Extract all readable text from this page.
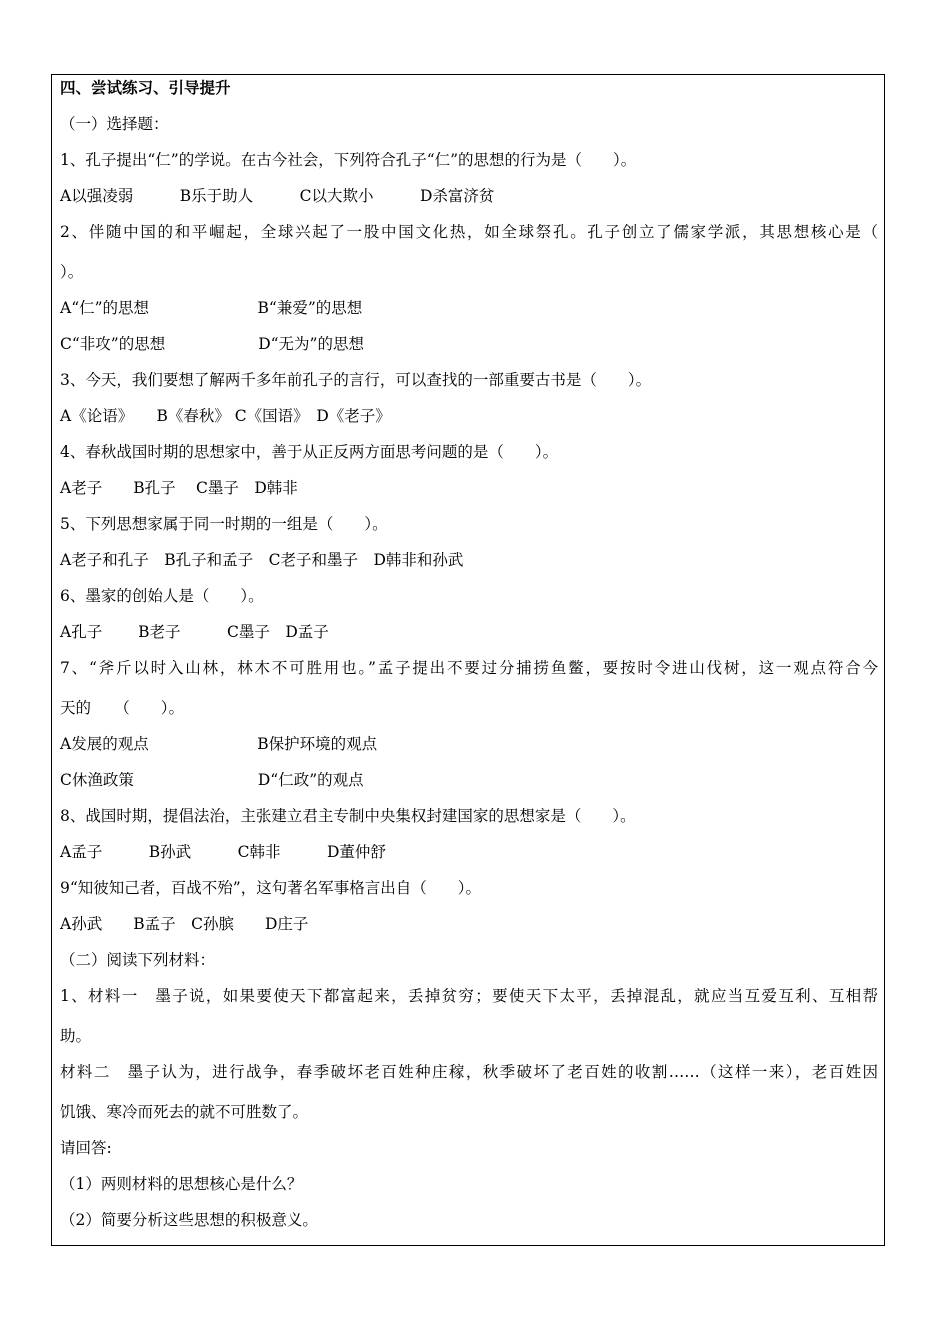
四、尝试练习、引导提升
（一）选择题：
1、孔子提出“仁”的学说。在古今社会，下列符合孔子“仁”的思想的行为是（　　）。
A以强凌弱　　　B乐于助人　　　C以大欺小　　　D杀富济贫
2、伴随中国的和平崛起，全球兴起了一股中国文化热，如全球祭孔。孔子创立了儒家学派，其思想核心是（
）。
A“仁”的思想　　　　　　　B“兼爱”的思想
C“非攻”的思想　　　　　　D“无为”的思想
3、今天，我们要想了解两千多年前孔子的言行，可以查找的一部重要古书是（　　）。
A《论语》　　B《春秋》 C《国语》　D《老子》
4、春秋战国时期的思想家中，善于从正反两方面思考问题的是（　　）。
A老子　　B孔子　 C墨子　D韩非
5、下列思想家属于同一时期的一组是（　　）。
A老子和孔子　B孔子和孟子　C老子和墨子　D韩非和孙武
6、墨家的创始人是（　　）。
A孔子　　 B老子　　　C墨子　D孟子
7、“斧斤以时入山林，林木不可胜用也。”孟子提出不要过分捕捞鱼鳖，要按时令进山伐树，这一观点符合今
天的　　（　　）。
A发展的观点　　　　　　　B保护环境的观点
C休渔政策　　　　　　　　D“仁政”的观点
8、战国时期，提倡法治，主张建立君主专制中央集权封建国家的思想家是（　　）。
A孟子　　　B孙武　　　C韩非　　　D董仲舒
9“知彼知己者，百战不殆”，这句著名军事格言出自（　　）。
A孙武　　B孟子　C孙膑　　D庄子
（二）阅读下列材料：
1、材料一　墨子说，如果要使天下都富起来，丢掉贫穷；要使天下太平，丢掉混乱，就应当互爱互利、互相帮
助。
材料二　墨子认为，进行战争，春季破坏老百姓种庄稼，秋季破坏了老百姓的收割……（这样一来），老百姓因
饥饿、寒冷而死去的就不可胜数了。
请回答:
（1）两则材料的思想核心是什么？
（2）简要分析这些思想的积极意义。
